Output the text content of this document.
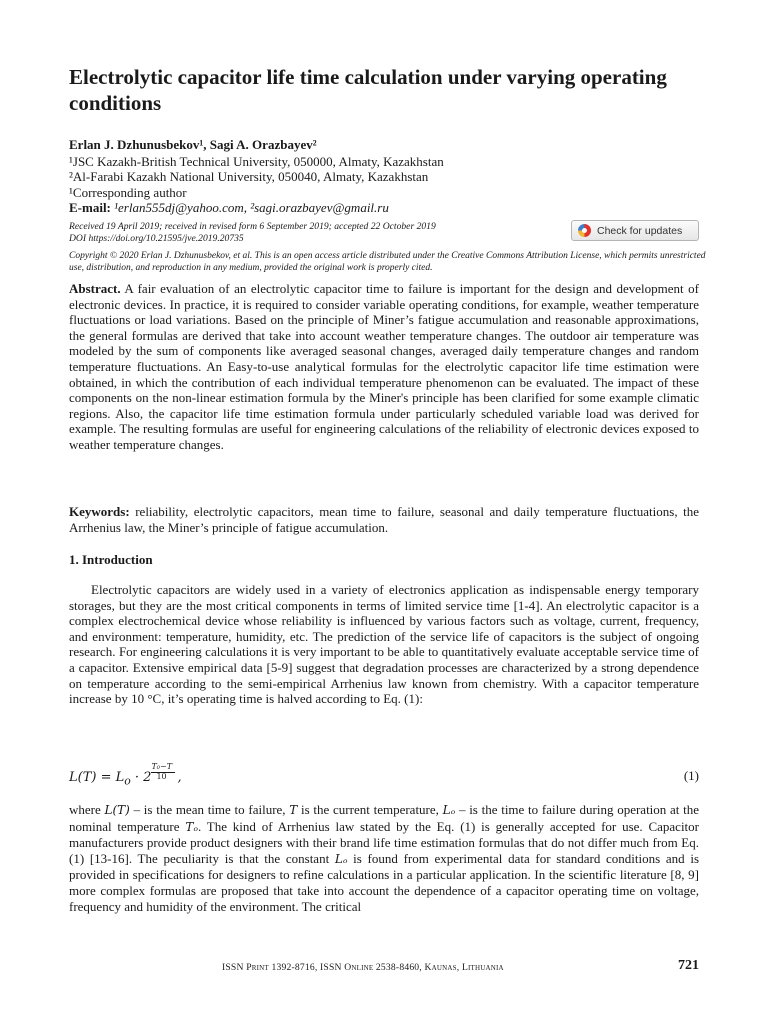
Electrolytic capacitor life time calculation under varying operating conditions
Erlan J. Dzhunusbekov¹, Sagi A. Orazbayev²
¹JSC Kazakh-British Technical University, 050000, Almaty, Kazakhstan
²Al-Farabi Kazakh National University, 050040, Almaty, Kazakhstan
¹Corresponding author
E-mail: ¹erlan555dj@yahoo.com, ²sagi.orazbayev@gmail.ru
Received 19 April 2019; received in revised form 6 September 2019; accepted 22 October 2019
DOI https://doi.org/10.21595/jve.2019.20735
Check for updates
Copyright © 2020 Erlan J. Dzhunusbekov, et al. This is an open access article distributed under the Creative Commons Attribution License, which permits unrestricted use, distribution, and reproduction in any medium, provided the original work is properly cited.

Abstract. A fair evaluation of an electrolytic capacitor time to failure is important for the design and development of electronic devices. In practice, it is required to consider variable operating conditions, for example, weather temperature fluctuations or load variations. Based on the principle of Miner’s fatigue accumulation and reasonable approximations, the general formulas are derived that take into account weather temperature changes. The outdoor air temperature was modeled by the sum of components like averaged seasonal changes, averaged daily temperature changes and random temperature fluctuations. An Easy-to-use analytical formulas for the electrolytic capacitor life time estimation were obtained, in which the contribution of each individual temperature phenomenon can be evaluated. The impact of these components on the non-linear estimation formula by the Miner's principle has been clarified for some example climatic regions. Also, the capacitor life time estimation formula under particularly scheduled variable load was derived for example. The resulting formulas are useful for engineering calculations of the reliability of electronic devices exposed to weather temperature changes.

Keywords: reliability, electrolytic capacitors, mean time to failure, seasonal and daily temperature fluctuations, the Arrhenius law, the Miner’s principle of fatigue accumulation.

1. Introduction

Electrolytic capacitors are widely used in a variety of electronics application as indispensable energy temporary storages, but they are the most critical components in terms of limited service time [1-4]. An electrolytic capacitor is a complex electrochemical device whose reliability is influenced by various factors such as voltage, current, frequency, and environment: temperature, humidity, etc. The prediction of the service life of capacitors is the subject of ongoing research. For engineering calculations it is very important to be able to quantitatively evaluate acceptable service time of a capacitor. Extensive empirical data [5-9] suggest that degradation processes are characterized by a strong dependence on temperature according to the semi-empirical Arrhenius law known from chemistry. With a capacitor temperature increase by 10 °C, it’s operating time is halved according to Eq. (1):

$L(T) = L_o \cdot 2 \frac{\text{T₀−T}}{10}$ ,	(1)

where L(T) – is the mean time to failure, T is the current temperature, Lₒ – is the time to failure during operation at the nominal temperature Tₒ. The kind of Arrhenius law stated by the Eq. (1) is generally accepted for use. Capacitor manufacturers provide product designers with their brand life time estimation formulas that do not differ much from Eq. (1) [13-16]. The peculiarity is that the constant Lₒ is found from experimental data for standard conditions and is provided in specifications for designers to refine calculations in a particular application. In the scientific literature [8, 9] more complex formulas are proposed that take into account the dependence of a capacitor operating time on voltage, frequency and humidity of the environment. The critical

ISSN Print 1392-8716, ISSN Online 2538-8460, Kaunas, Lithuania	721
